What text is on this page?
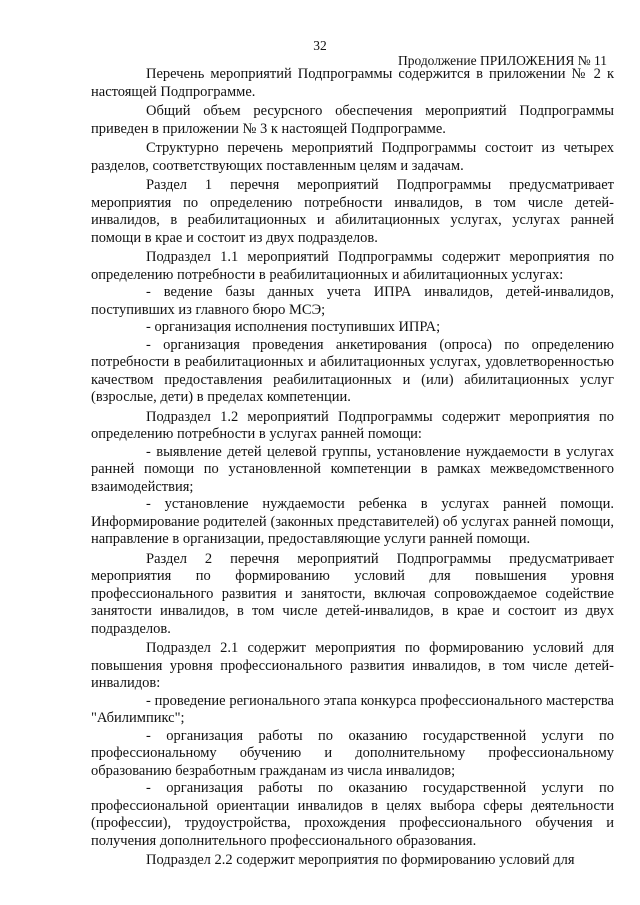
32
Продолжение ПРИЛОЖЕНИЯ № 11

Перечень мероприятий Подпрограммы содержится в приложении № 2 к настоящей Подпрограмме.

Общий объем ресурсного обеспечения мероприятий Подпрограммы приведен в приложении № 3 к настоящей Подпрограмме.

Структурно перечень мероприятий Подпрограммы состоит из четырех разделов, соответствующих поставленным целям и задачам.

Раздел 1 перечня мероприятий Подпрограммы предусматривает мероприятия по определению потребности инвалидов, в том числе детей-инвалидов, в реабилитационных и абилитационных услугах, услугах ранней помощи в крае и состоит из двух подразделов.

Подраздел 1.1 мероприятий Подпрограммы содержит мероприятия по определению потребности в реабилитационных и абилитационных услугах:

- ведение базы данных учета ИПРА инвалидов, детей-инвалидов, поступивших из главного бюро МСЭ;

- организация исполнения поступивших ИПРА;

- организация проведения анкетирования (опроса) по определению потребности в реабилитационных и абилитационных услугах, удовлетворенностью качеством предоставления реабилитационных и (или) абилитационных услуг (взрослые, дети) в пределах компетенции.

Подраздел 1.2 мероприятий Подпрограммы содержит мероприятия по определению потребности в услугах ранней помощи:

- выявление детей целевой группы, установление нуждаемости в услугах ранней помощи по установленной компетенции в рамках межведомственного взаимодействия;

- установление нуждаемости ребенка в услугах ранней помощи. Информирование родителей (законных представителей) об услугах ранней помощи, направление в организации, предоставляющие услуги ранней помощи.

Раздел 2 перечня мероприятий Подпрограммы предусматривает мероприятия по формированию условий для повышения уровня профессионального развития и занятости, включая сопровождаемое содействие занятости инвалидов, в том числе детей-инвалидов, в крае и состоит из двух подразделов.

Подраздел 2.1 содержит мероприятия по формированию условий для повышения уровня профессионального развития инвалидов, в том числе детей-инвалидов:

- проведение регионального этапа конкурса профессионального мастерства "Абилимпикс";

- организация работы по оказанию государственной услуги по профессиональному обучению и дополнительному профессиональному образованию безработным гражданам из числа инвалидов;

- организация работы по оказанию государственной услуги по профессиональной ориентации инвалидов в целях выбора сферы деятельности (профессии), трудоустройства, прохождения профессионального обучения и получения дополнительного профессионального образования.

Подраздел 2.2 содержит мероприятия по формированию условий для
